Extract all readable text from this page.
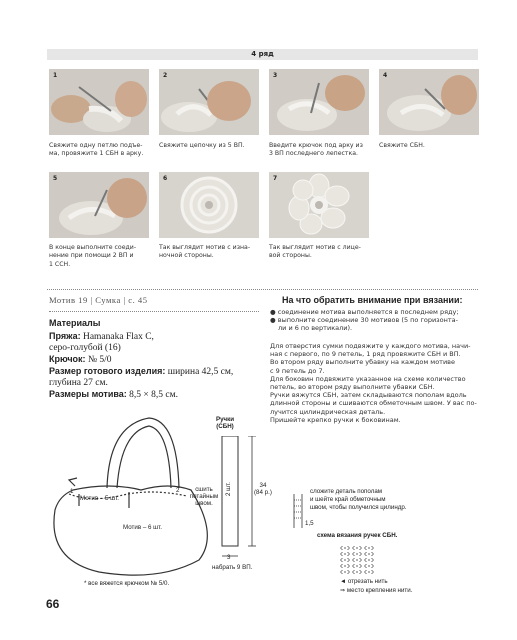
4 ряд
1	2	3	4
Свяжите одну петлю подъе-
ма, провяжите 1 СБН в арку.
Свяжите цепочку из 5 ВП.	Введите крючок под арку из
3 ВП последнего лепестка.
Свяжите СБН.
5	6	7
В конце выполните соеди-
нение при помощи 2 ВП и
1 ССН.
Так выглядит мотив с изна-
ночной стороны.
Так выглядит мотив с лице-
вой стороны.
Мотив 19 | Сумка | с. 45
Материалы
Пряжа: Hamanaka Flax C,
серо-голубой (16)
Крючок: № 5/0
Размер готового изделия: ширина 42,5 см,
глубина 27 см.
Размеры мотива: 8,5 × 8,5 см.
На что обратить внимание при вязании:
● соединение мотива выполняется в последнем ряду;
● выполните соединение 30 мотивов (5 по горизонта-
ли и 6 по вертикали).
Для отверстия сумки подвяжите у каждого мотива, начи-
ная с первого, по 9 петель, 1 ряд провяжите СБН и ВП.
Во втором ряду выполните убавку на каждом мотиве
с 9 петель до 7.
Для боковин подвяжите указанное на схеме количество
петель, во втором ряду выполните убавки СБН.
Ручки вяжутся СБН, затем складываются пополам вдоль
длинной стороны и сшиваются обметочным швом. У вас по-
лучится цилиндрическая деталь.
Пришейте крепко ручки к боковинам.
Мотив – 5 шт.
Мотив – 6 шт.
сшить
потайным
швом.
2
1
* все вяжется крючком № 5/0.
Ручки
(СБН)
2 шт.	34
(84 р.)
3
набрать 9 ВП.
сложите деталь пополам
и шейте край обметочным
швом, чтобы получился цилиндр.
1,5
схема вязания ручек СБН.
◄ отрезать нить
⇒ место крепления нити.
66
